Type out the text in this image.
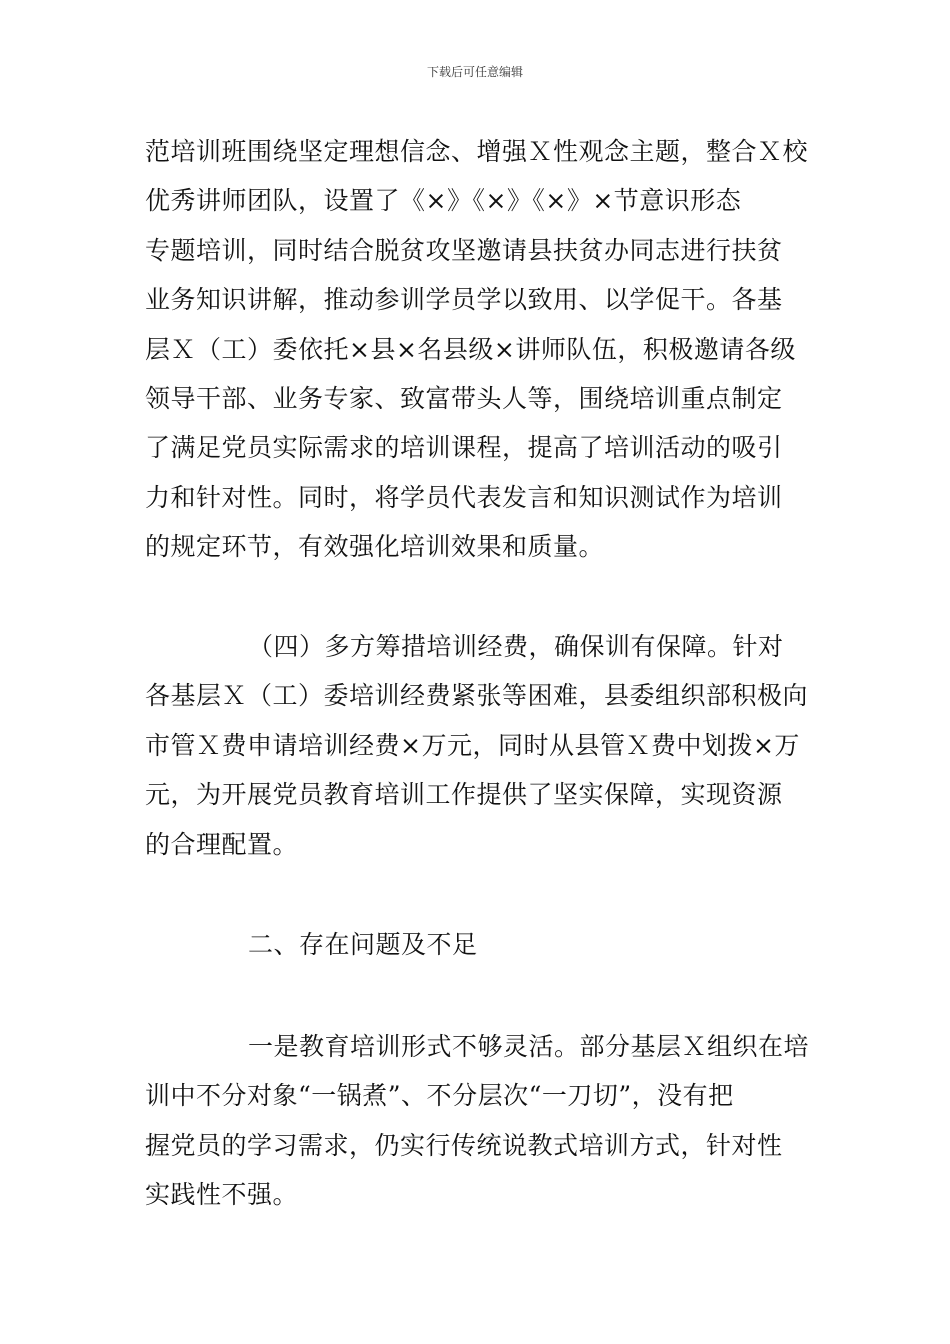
下载后可任意编辑
范培训班围绕坚定理想信念、增强Ｘ性观念主题，整合Ｘ校
优秀讲师团队，设置了《×》《×》《×》×节意识形态
专题培训，同时结合脱贫攻坚邀请县扶贫办同志进行扶贫
业务知识讲解，推动参训学员学以致用、以学促干。各基
层Ｘ（工）委依托×县×名县级×讲师队伍，积极邀请各级
领导干部、业务专家、致富带头人等，围绕培训重点制定
了满足党员实际需求的培训课程，提高了培训活动的吸引
力和针对性。同时，将学员代表发言和知识测试作为培训
的规定环节，有效强化培训效果和质量。
（四）多方筹措培训经费，确保训有保障。针对
各基层Ｘ（工）委培训经费紧张等困难，县委组织部积极向
市管Ｘ费申请培训经费×万元，同时从县管Ｘ费中划拨×万
元，为开展党员教育培训工作提供了坚实保障，实现资源
的合理配置。
二、存在问题及不足
一是教育培训形式不够灵活。部分基层Ｘ组织在培
训中不分对象“一锅煮”、不分层次“一刀切”，没有把
握党员的学习需求，仍实行传统说教式培训方式，针对性
实践性不强。
